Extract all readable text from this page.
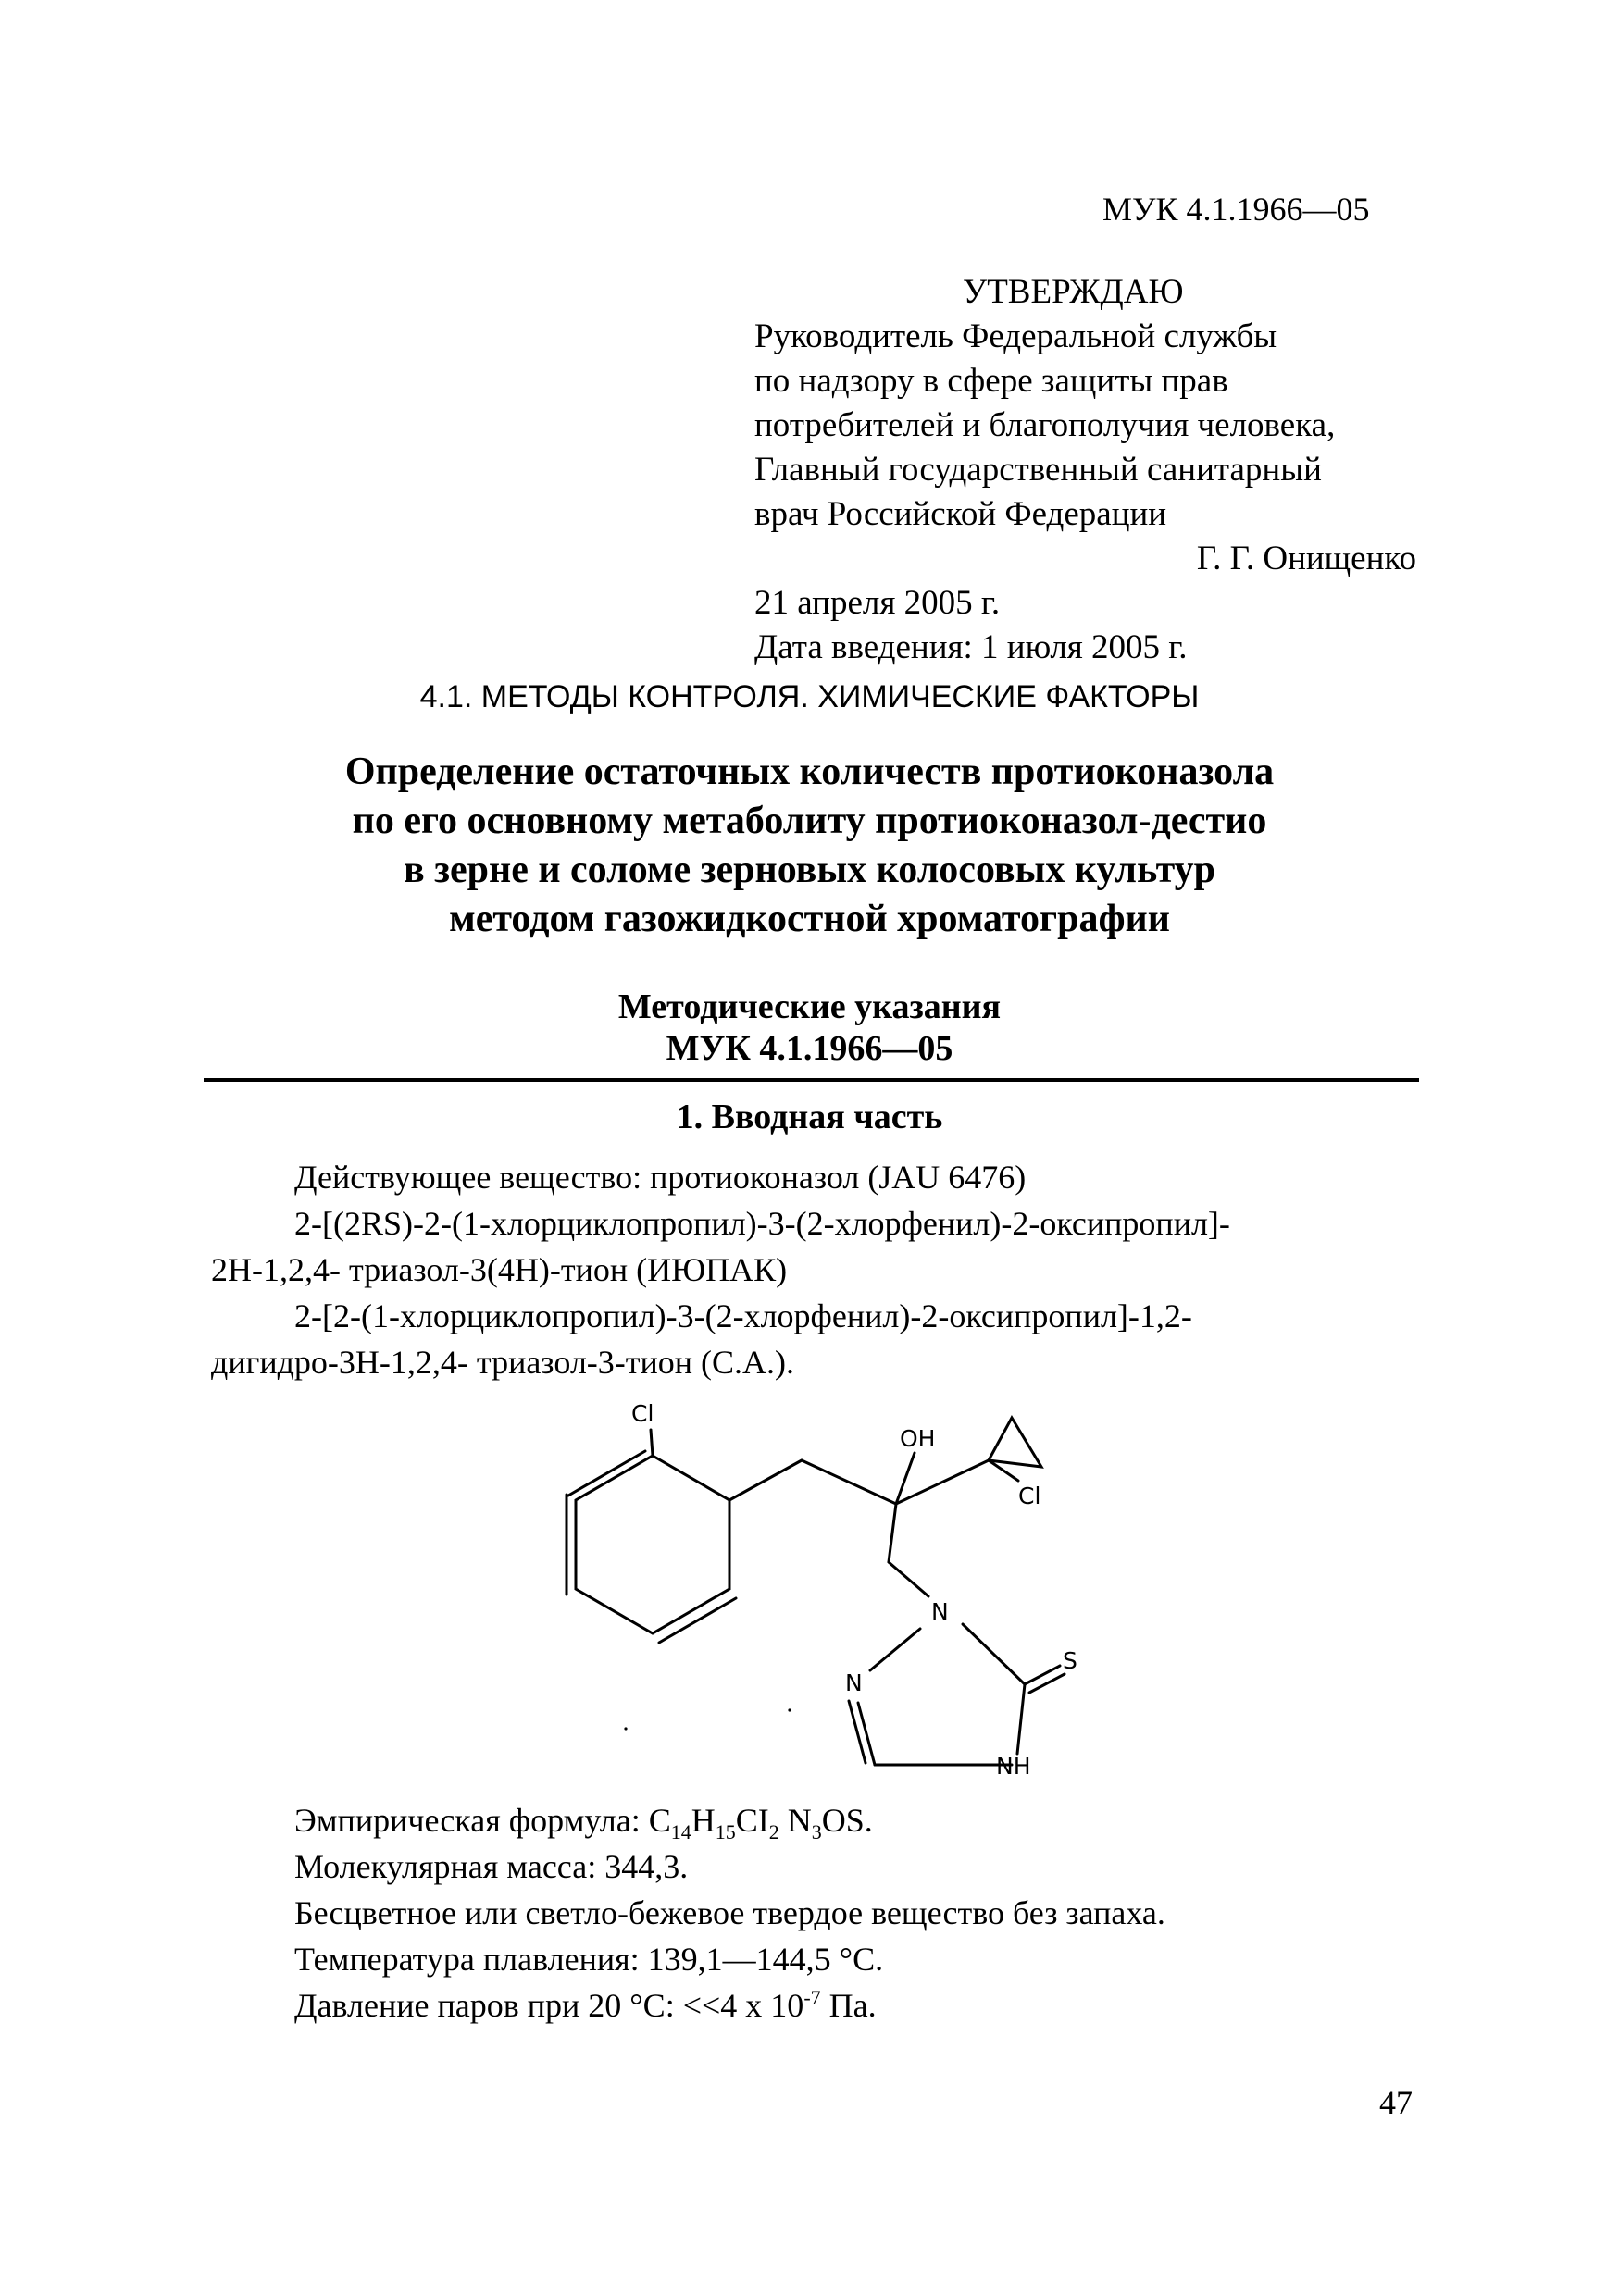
МУК 4.1.1966—05
УТВЕРЖДАЮ
Руководитель Федеральной службы
по надзору в сфере защиты прав
потребителей и благополучия человека,
Главный государственный санитарный
врач Российской Федерации
Г. Г. Онищенко
21 апреля 2005 г.
Дата введения: 1 июля 2005 г.
4.1. МЕТОДЫ КОНТРОЛЯ. ХИМИЧЕСКИЕ ФАКТОРЫ
Определение остаточных количеств протиоконазола
по его основному метаболиту протиоконазол-дестио
в зерне и соломе зерновых колосовых культур
методом газожидкостной хроматографии
Методические указания
МУК 4.1.1966—05
1. Вводная часть
Действующее вещество: протиоконазол (JAU 6476)
2-[(2RS)-2-(1-хлорциклопропил)-3-(2-хлорфенил)-2-оксипропил]-
2H-1,2,4- триазол-3(4H)-тион (ИЮПАК)
2-[2-(1-хлорциклопропил)-3-(2-хлорфенил)-2-оксипропил]-1,2-
дигидро-3H-1,2,4- триазол-3-тион (С.А.).
Cl
OH
Cl
N
N
S
NH
Эмпирическая формула: $C_{14}H_{15}CI_2$ $N_3OS$.
Молекулярная масса: 344,3.
Бесцветное или светло-бежевое твердое вещество без запаха.
Температура плавления: 139,1—144,5 °С.
Давление паров при 20 °С: <<4 x $10^{-7}$ Па.
47
